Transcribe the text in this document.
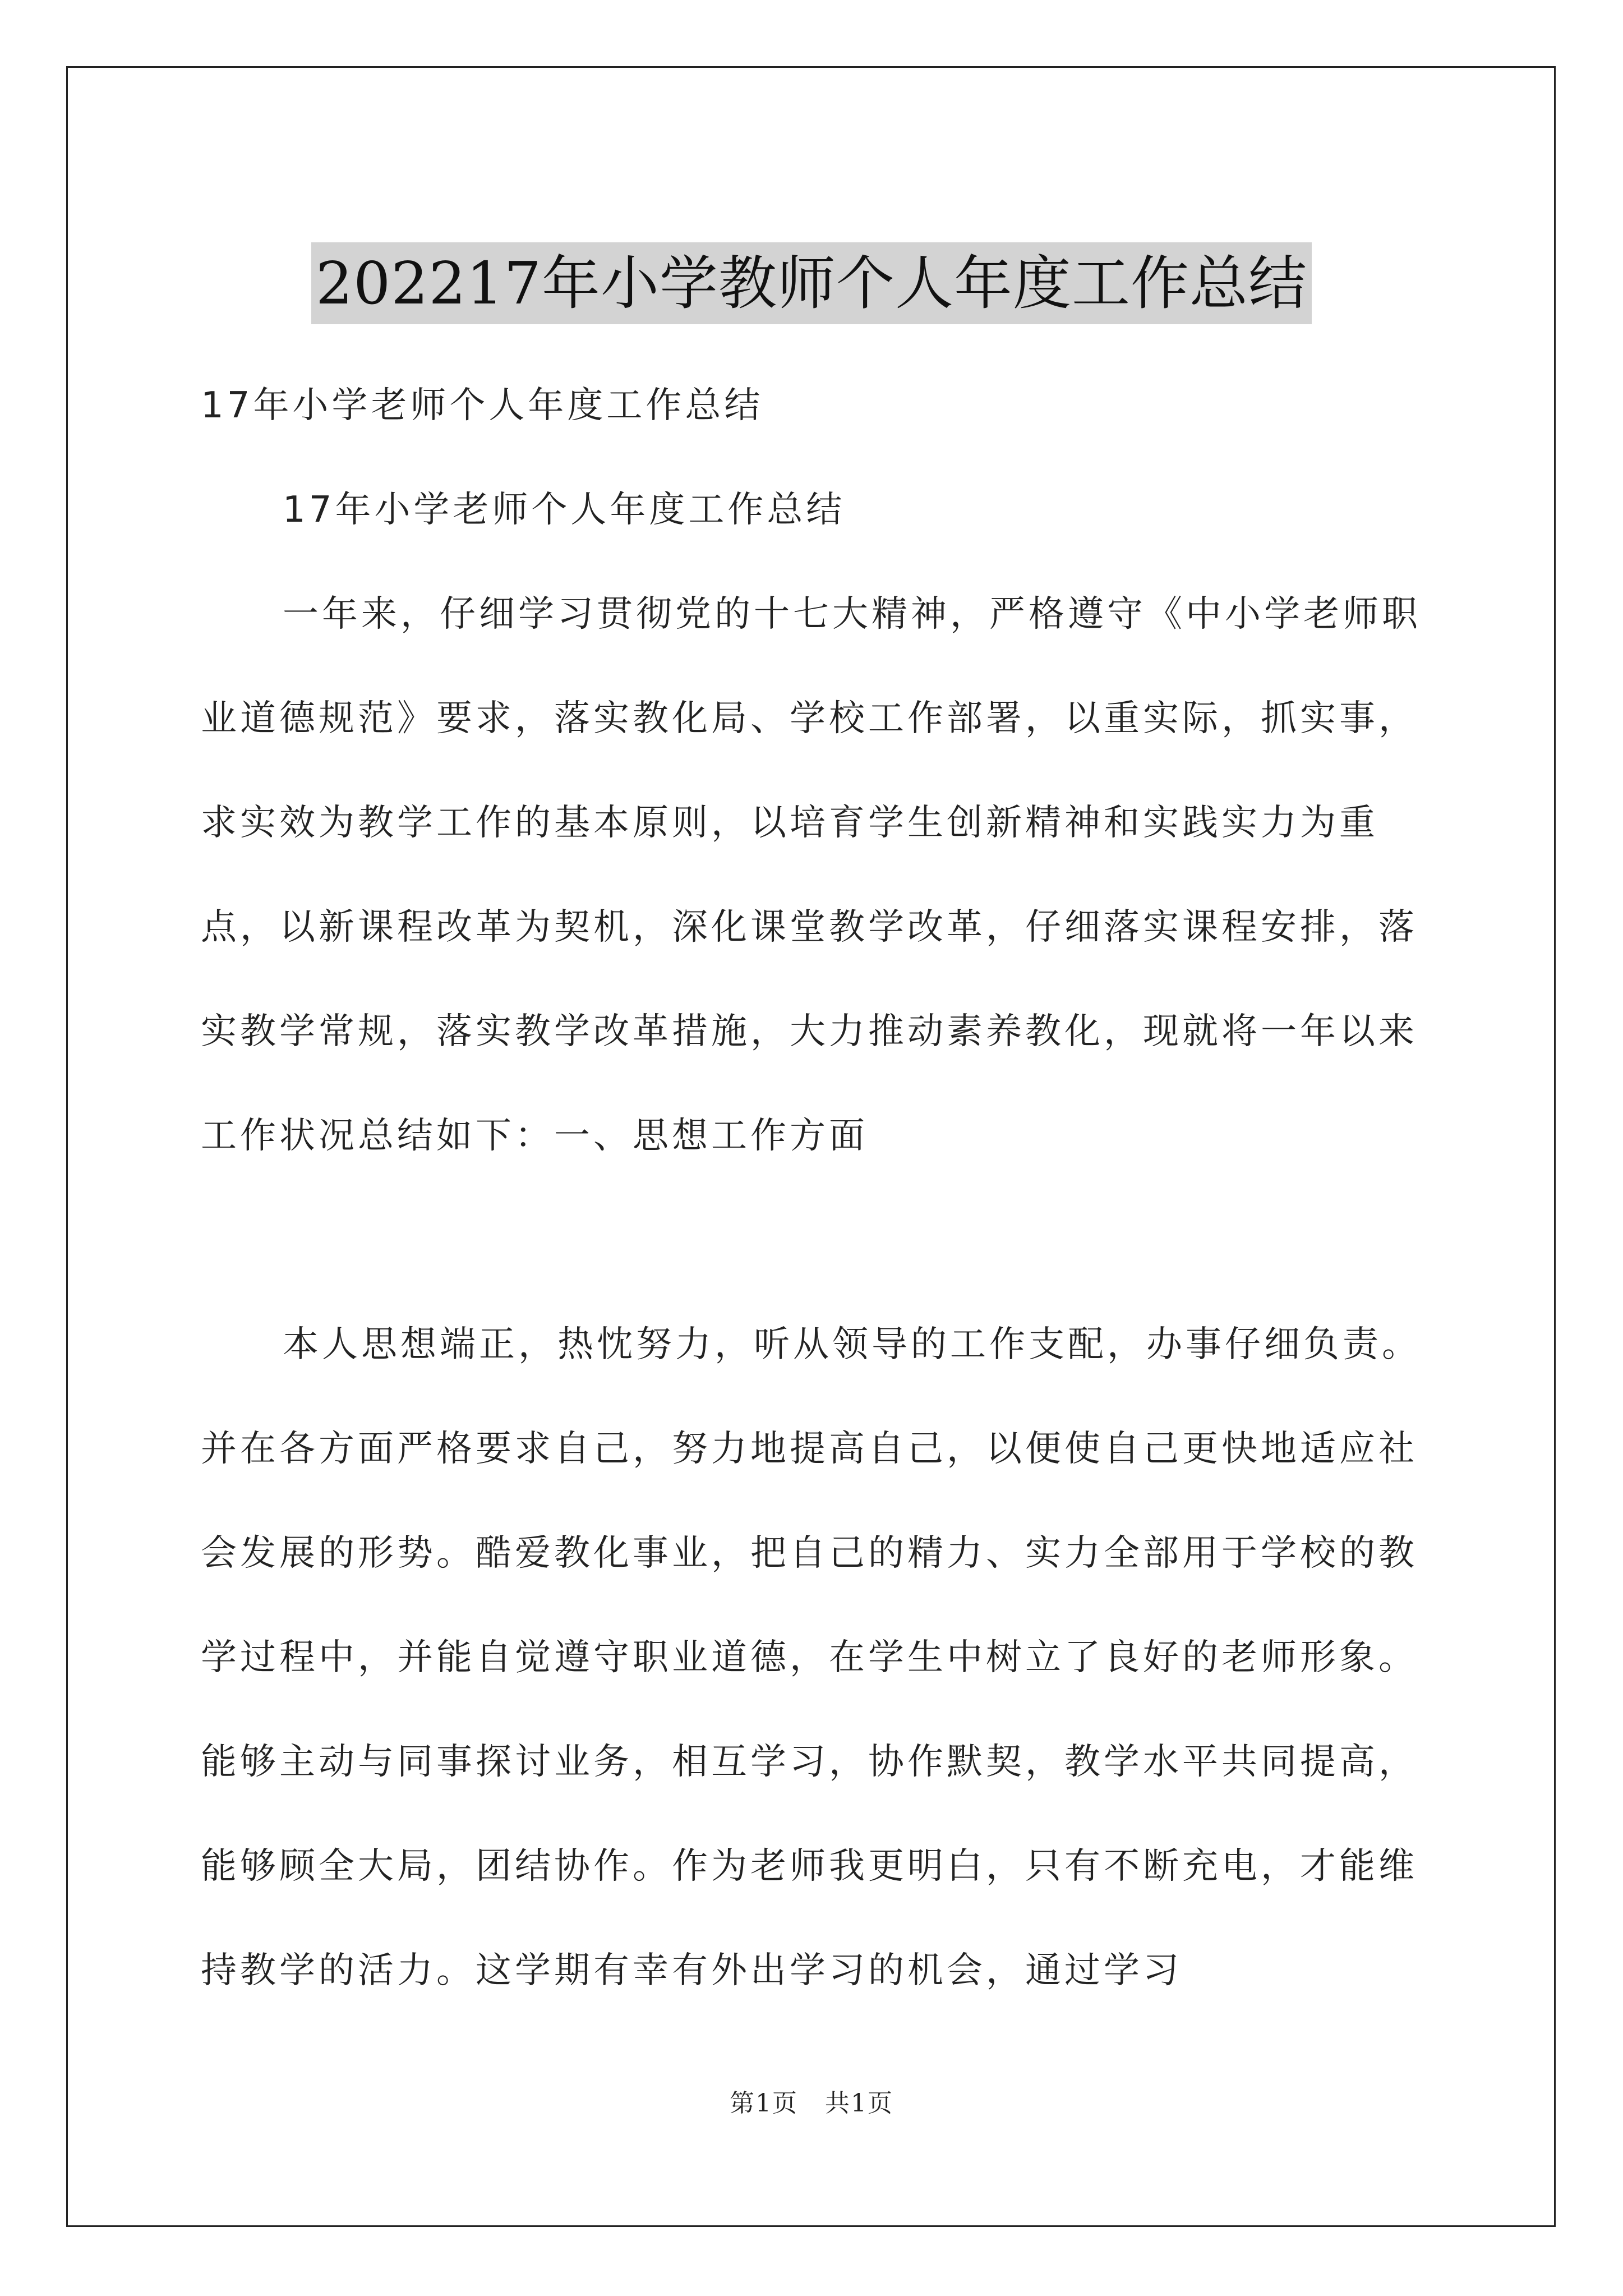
202217年小学教师个人年度工作总结

17年小学老师个人年度工作总结

17年小学老师个人年度工作总结

一年来，仔细学习贯彻党的十七大精神，严格遵守《中小学老师职业道德规范》要求，落实教化局、学校工作部署，以重实际，抓实事，求实效为教学工作的基本原则，以培育学生创新精神和实践实力为重点，以新课程改革为契机，深化课堂教学改革，仔细落实课程安排，落实教学常规，落实教学改革措施，大力推动素养教化，现就将一年以来工作状况总结如下：一、思想工作方面

本人思想端正，热忱努力，听从领导的工作支配，办事仔细负责。并在各方面严格要求自己，努力地提高自己，以便使自己更快地适应社会发展的形势。酷爱教化事业，把自己的精力、实力全部用于学校的教学过程中，并能自觉遵守职业道德，在学生中树立了良好的老师形象。能够主动与同事探讨业务，相互学习，协作默契，教学水平共同提高，能够顾全大局，团结协作。作为老师我更明白，只有不断充电，才能维持教学的活力。这学期有幸有外出学习的机会，通过学习

第1页 共1页
